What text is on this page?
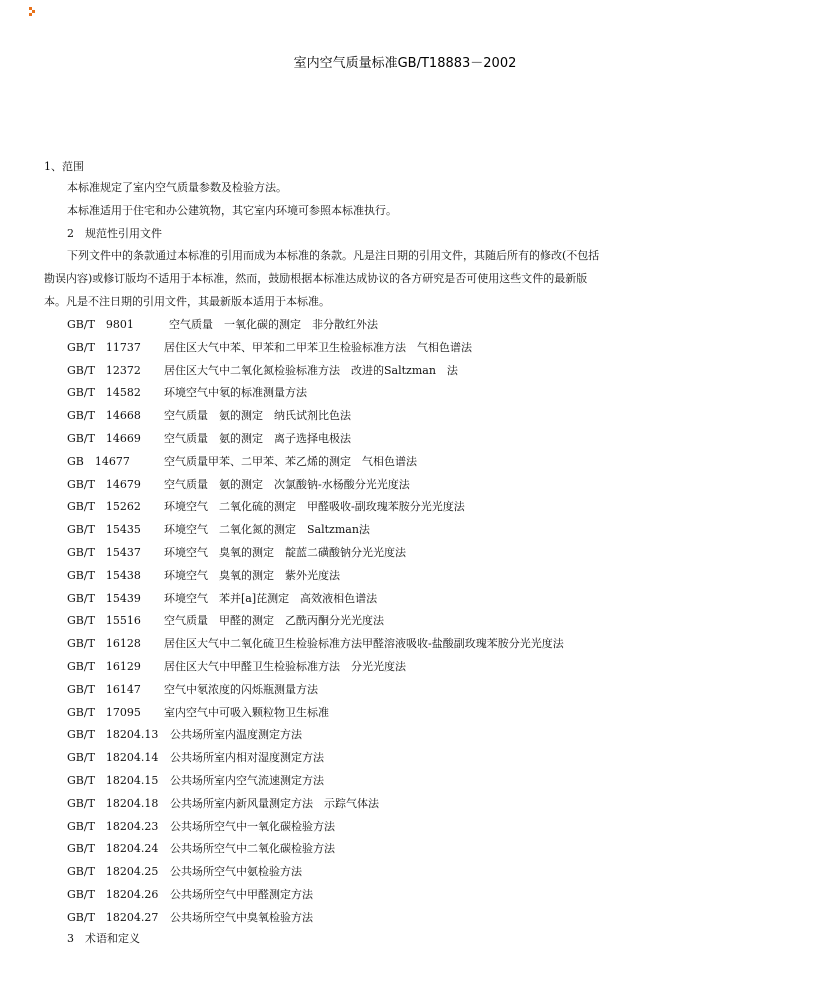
室内空气质量标准GB/T18883－2002
1、范围
本标准规定了室内空气质量参数及检验方法。
本标准适用于住宅和办公建筑物，其它室内环境可参照本标准执行。
2　规范性引用文件
下列文件中的条款通过本标准的引用而成为本标准的条款。凡是注日期的引用文件，其随后所有的修改(不包括
勘误内容)或修订版均不适用于本标准，然而，鼓励根据本标准达成协议的各方研究是否可使用这些文件的最新版
本。凡是不注日期的引用文件，其最新版本适用于本标准。
GB/T　9801	空气质量　一氧化碳的测定　非分散红外法
GB/T　11737 居住区大气中苯、甲苯和二甲苯卫生检验标准方法　气相色谱法
GB/T　12372 居住区大气中二氧化氮检验标准方法　改进的Saltzman　法
GB/T　14582 环境空气中氡的标准测量方法
GB/T　14668 空气质量　氨的测定　纳氏试剂比色法
GB/T　14669 空气质量　氨的测定　离子选择电极法
GB　14677	空气质量甲苯、二甲苯、苯乙烯的测定　气相色谱法
GB/T　14679 空气质量　氨的测定　次氯酸钠-水杨酸分光光度法
GB/T　15262 环境空气　二氧化硫的测定　甲醛吸收-副玫瑰苯胺分光光度法
GB/T　15435 环境空气　二氧化氮的测定　Saltzman法
GB/T　15437 环境空气　臭氧的测定　靛蓝二磺酸钠分光光度法
GB/T　15438 环境空气　臭氧的测定　紫外光度法
GB/T　15439 环境空气　苯并[a]芘测定　高效液相色谱法
GB/T　15516 空气质量　甲醛的测定　乙酰丙酮分光光度法
GB/T　16128 居住区大气中二氧化硫卫生检验标准方法甲醛溶液吸收-盐酸副玫瑰苯胺分光光度法
GB/T　16129 居住区大气中甲醛卫生检验标准方法　分光光度法
GB/T　16147 空气中氡浓度的闪烁瓶测量方法
GB/T　17095 室内空气中可吸入颗粒物卫生标准
GB/T　18204.13 公共场所室内温度测定方法
GB/T　18204.14 公共场所室内相对湿度测定方法
GB/T　18204.15 公共场所室内空气流速测定方法
GB/T　18204.18 公共场所室内新风量测定方法　示踪气体法
GB/T　18204.23 公共场所空气中一氧化碳检验方法
GB/T　18204.24 公共场所空气中二氧化碳检验方法
GB/T　18204.25 公共场所空气中氨检验方法
GB/T　18204.26 公共场所空气中甲醛测定方法
GB/T　18204.27 公共场所空气中臭氧检验方法
3　术语和定义
